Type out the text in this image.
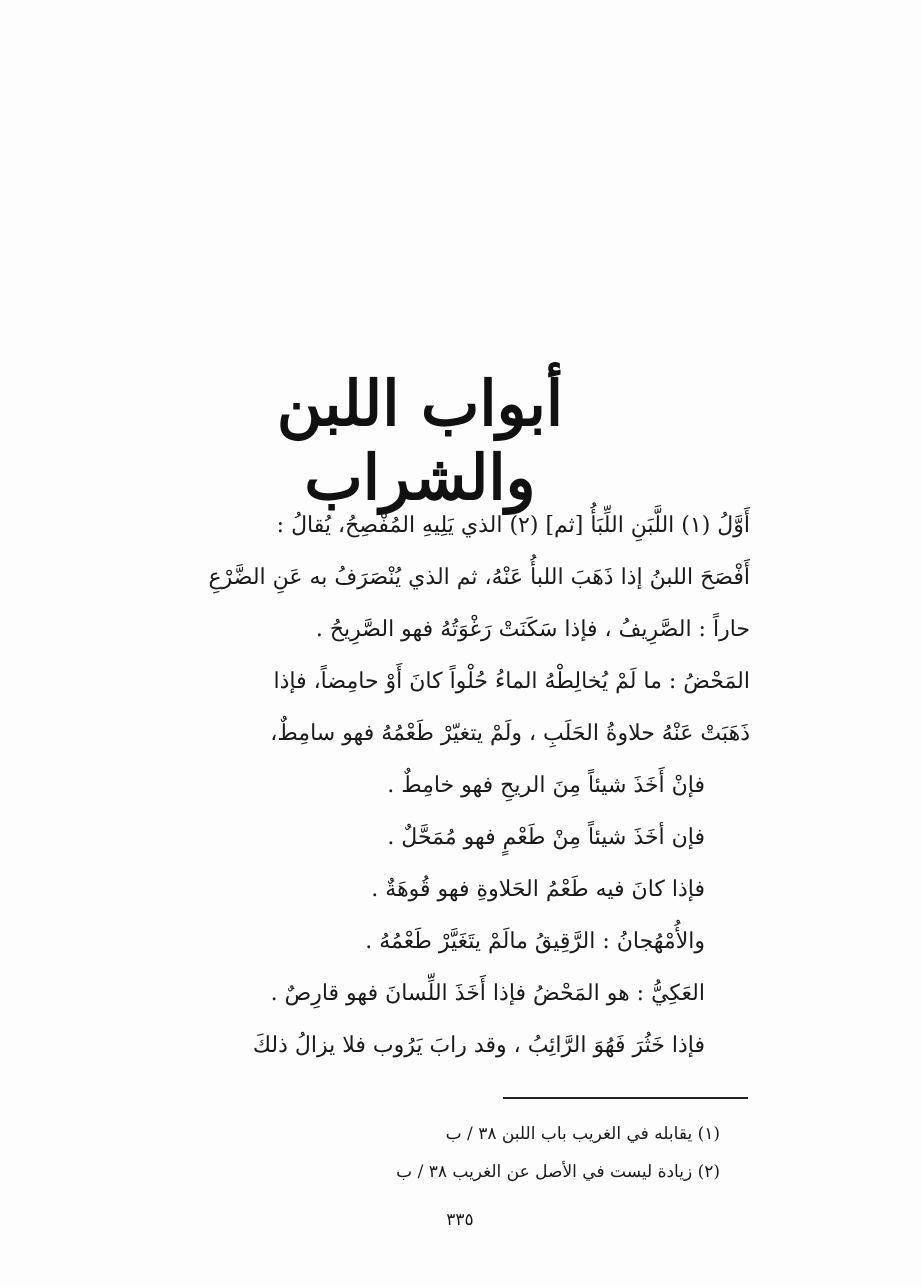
أبواب اللبن والشراب

أَوَّلُ (١) اللَّبَنِ اللِّبَأُ [ثم] (٢) الذي يَلِيهِ المُفْصِحُ، يُقالُ :
أَفْصَحَ اللبنُ إذا ذَهَبَ اللبأُ عَنْهُ، ثم الذي يُنْصَرَفُ به عَنِ الضَّرْعِ
حاراً : الصَّرِيفُ ، فإذا سَكَنَتْ رَغْوَتُهُ فهو الصَّرِيحُ .

المَحْضُ : ما لَمْ يُخالِطْهُ الماءُ حُلْواً كانَ أَوْ حامِضاً، فإذا
ذَهَبَتْ عَنْهُ حلاوةُ الحَلَبِ ، ولَمْ يتغيّرْ طَعْمُهُ فهو سامِطٌ،

فإنْ أَخَذَ شيئاً مِنَ الريحِ فهو خامِطٌ .
فإن أخَذَ شيئاً مِنْ طَعْمٍ فهو مُمَحَّلٌ .
فإذا كانَ فيه طَعْمُ الحَلاوةِ فهو قُوهَةٌ .
والأُمْهُجانُ : الرَّقِيقُ مالَمْ يتَغَيَّرْ طَعْمُهُ .
العَكِيُّ : هو المَحْضُ فإذا أَخَذَ اللِّسانَ فهو قارِصٌ .
فإذا خَثُرَ فَهُوَ الرَّائِبُ ، وقد رابَ يَرُوب فلا يزالُ ذلكَ
(١) يقابله في الغريب باب اللبن ٣٨ / ب
(٢) زيادة ليست في الأصل عن الغريب ٣٨ / ب
٣٣٥
